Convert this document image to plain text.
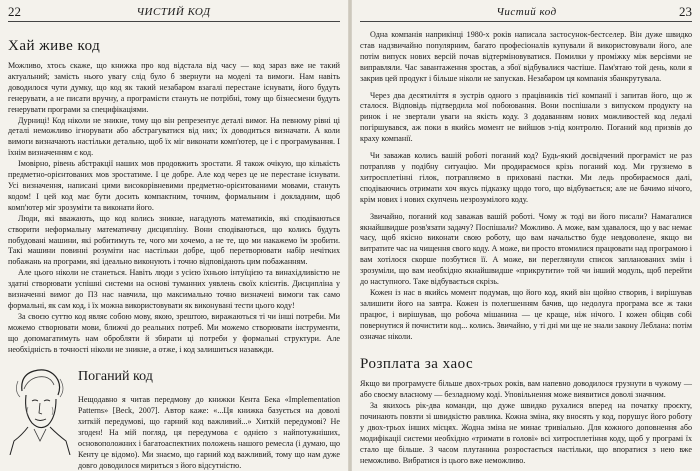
22	ЧИСТИЙ КОД
Хай живе код

Можливо, хтось скаже, що книжка про код відстала від часу — код зараз вже не такий актуальний; замість нього увагу слід було б звернути на моделі та вимоги. Нам навіть доводилося чути думку, що код як такий незабаром взагалі перестане існувати, його будуть генерувати, а не писати вручну, а програмісти стануть не потрібні, тому що бізнесмени будуть генерувати програми за специфікаціями.

Дурниці! Код ніколи не зникне, тому що він репрезентує деталі вимог. На певному рівні ці деталі неможливо ігнорувати або абстрагуватися від них; їх доводиться визначати. А коли вимоги визначають настільки детально, щоб їх міг виконати комп'ютер, це і є програмування. І їхнім визначенням є код.

Імовірно, рівень абстракції наших мов продовжить зростати. Я також очікую, що кількість предметно-орієнтованих мов зростатиме. І це добре. Але код через це не перестане існувати. Усі визначення, написані цими високорівневими предметно-орієнтованими мовами, стануть кодом! І цей код має бути досить компактним, точним, формальним і докладним, щоб комп'ютер міг зрозуміти та виконати його.

Люди, які вважають, що код колись зникне, нагадують математиків, які сподіваються створити неформальну математичну дисципліну. Вони сподіваються, що колись будуть побудовані машини, які робитимуть те, чого ми хочемо, а не те, що ми накажемо їм зробити. Такі машини повинні розуміти нас настільки добре, щоб перетворювати набір нечітких побажань на програми, які ідеально виконують і точно відповідають цим побажанням.

Але цього ніколи не станеться. Навіть люди з усією їхньою інтуїцією та винахідливістю не здатні створювати успішні системи на основі туманних уявлень своїх клієнтів. Дисципліна у визначенні вимог до ПЗ нас навчила, що максимально точно визначені вимоги так само формальні, як сам код, і їх можна використовувати як виконувані тести цього коду!

За своєю суттю код являє собою мову, якою, зрештою, виражаються ті чи інші потреби. Ми можемо створювати мови, ближчі до реальних потреб. Ми можемо створювати інструменти, що допомагатимуть нам обробляти й збирати ці потреби у формальні структури. Але необхідність в точності ніколи не зникне, а отже, і код залишиться назавжди.

Поганий код

Нещодавно я читав передмову до книжки Кента Бека «Implementation Patterns» [Beck, 2007]. Автор каже: «...Ця книжка базується на доволі хиткій передумові, що гарний код важливий...» Хиткій передумові? Не згоден! На мій погляд, ця передумова є однією з найпотужніших, основоположних і багатоаспектних положень нашого ремесла (і думаю, що Кенту це відомо). Ми знаємо, що гарний код важливий, тому що нам дуже довго доводилося мириться з його відсутністю.

Чистий код	23

Одна компанія наприкінці 1980-х років написала застосунок-бестселер. Він дуже швидко став надзвичайно популярним, багато професіоналів купували й використовували його, але потім випуск нових версій почав відтерміновуватися. Помилки у проміжку між версіями не виправляли. Час завантаження зростав, а збої відбувалися частіше. Пам'ятаю той день, коли я закрив цей продукт і більше ніколи не запускав. Незабаром ця компанія збанкрутувала.

Через два десятиліття я зустрів одного з працівників тієї компанії і запитав його, що ж сталося. Відповідь підтвердила мої побоювання. Вони поспішали з випуском продукту на ринок і не звертали уваги на якість коду. З додаванням нових можливостей код ледалі погіршувався, аж поки в якийсь момент не вийшов з-під контролю. Поганий код призвів до краху компанії.

Чи заважав колись вашій роботі поганий код? Будь-який досвідчений програміст не раз потрапляв у подібну ситуацію. Ми продираємося крізь поганий код. Ми грузнемо в хитросплетінні гілок, потрапляємо в приховані пастки. Ми ледь пробираємося далі, сподіваючись отримати хоч якусь підказку щодо того, що відбувається; але не бачимо нічого, крім нових і нових скупчень незрозумілого коду.

Звичайно, поганий код заважав вашій роботі. Чому ж тоді ви його писали? Намагалися якнайшвидше розв'язати задачу? Поспішали? Можливо. А може, вам здавалося, що у вас немає часу, щоб якісно виконати свою роботу, що вам начальство буде невдоволене, якщо ви витратите час на чищення свого коду. А може, ви просто втомилися працювати над програмою і вам хотілося скорше позбутися її. А може, ви переглянули список запланованих змін і зрозуміли, що вам необхідно якнайшвидше «прикрутити» той чи інший модуль, щоб перейти до наступного. Таке відбувається скрізь.

Кожен із нас в якийсь момент подумав, що його код, який він щойно створив, і вирішував залишити його на завтра. Кожен із полегшенням бачив, що недолуга програма все ж таки працює, і вирішував, що робоча мішанина — це краще, ніж нічого. І кожен обіцяв собі повернутися й почистити код... колись. Звичайно, у ті дні ми ще не знали закону Леблана: потім означає ніколи.

Розплата за хаос

Якщо ви програмуєте більше двох-трьох років, вам напевно доводилося грузнути в чужому — або своєму власному — безладному коді. Уповільнення може виявитися доволі значним.

За якихось рік-два команди, що дуже швидко рухалися вперед на початку проєкту, починають повзти зі швидкістю равлика. Кожна зміна, яку вносять у код, порушує його роботу у двох-трьох інших місцях. Жодна зміна не минає тривіально. Для кожного доповнення або модифікації системи необхідно «тримати в голові» всі хитросплетіння коду, щоб у програмі їх стало ще більше. З часом плутанина розростається настільки, що впоратися з нею вже неможливо. Вибратися із цього вже неможливо.
